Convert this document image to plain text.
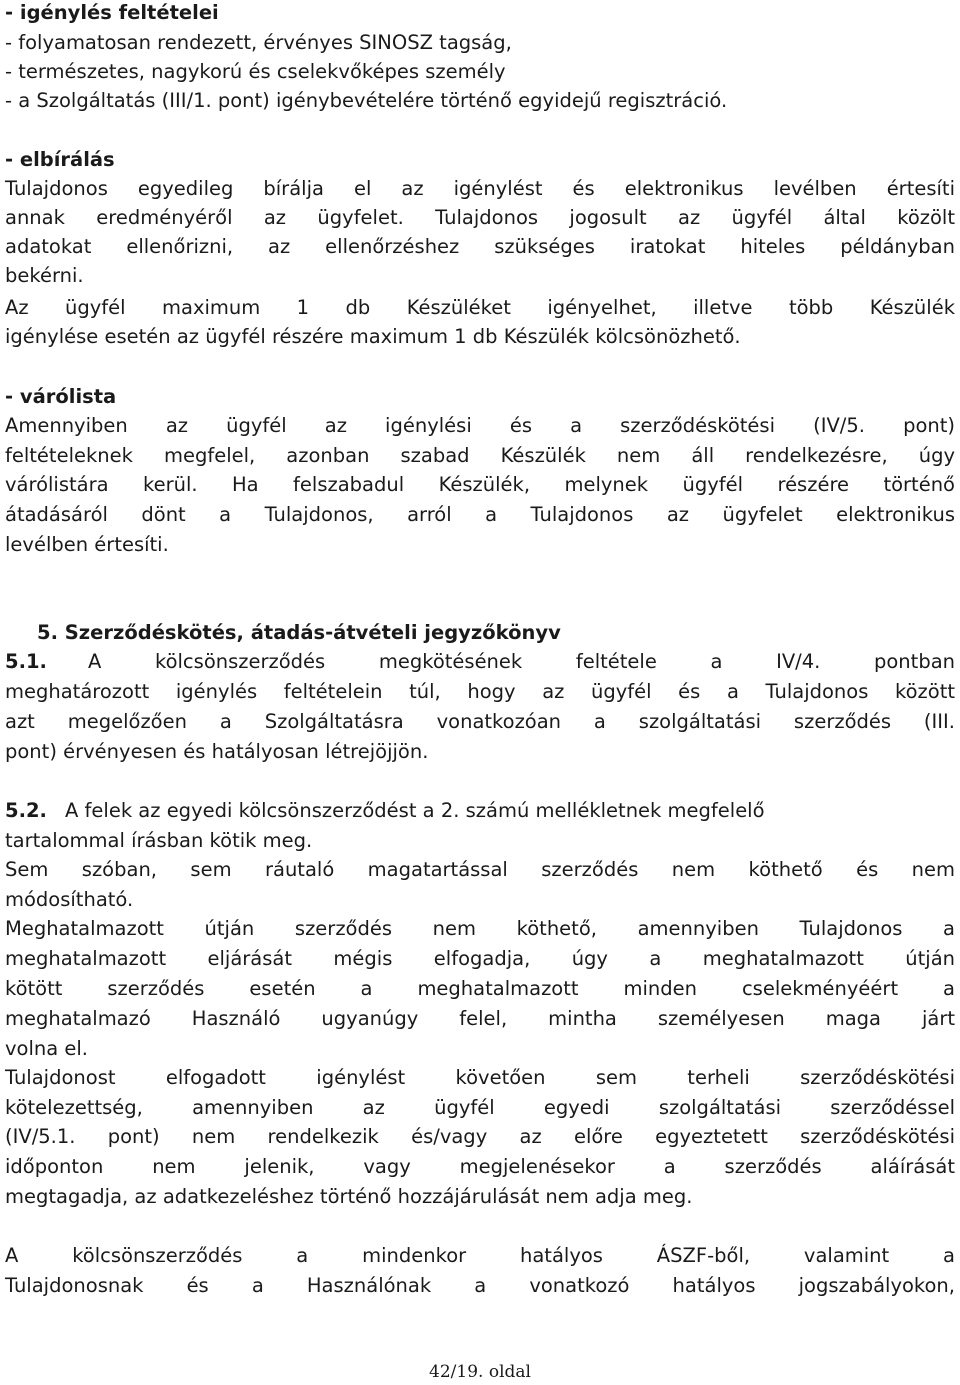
- igénylés feltételei
- folyamatosan rendezett, érvényes SINOSZ tagság,
- természetes, nagykorú és cselekvőképes személy
- a Szolgáltatás (III/1. pont) igénybevételére történő egyidejű regisztráció.
- elbírálás
Tulajdonos egyedileg bírálja el az igénylést és elektronikus levélben értesíti
annak eredményéről az ügyfelet. Tulajdonos jogosult az ügyfél által közölt
adatokat ellenőrizni, az ellenőrzéshez szükséges iratokat hiteles példányban
bekérni.
Az ügyfél maximum 1 db Készüléket igényelhet, illetve több Készülék
igénylése esetén az ügyfél részére maximum 1 db Készülék kölcsönözhető.
- várólista
Amennyiben az ügyfél az igénylési és a szerződéskötési (IV/5. pont)
feltételeknek megfelel, azonban szabad Készülék nem áll rendelkezésre, úgy
várólistára kerül. Ha felszabadul Készülék, melynek ügyfél részére történő
átadásáról dönt a Tulajdonos, arról a Tulajdonos az ügyfelet elektronikus
levélben értesíti.
5. Szerződéskötés, átadás-átvételi jegyzőkönyv
5.1.	A kölcsönszerződés megkötésének feltétele a IV/4. pontban
meghatározott igénylés feltételein túl, hogy az ügyfél és a Tulajdonos között
azt megelőzően a Szolgáltatásra vonatkozóan a szolgáltatási szerződés (III.
pont) érvényesen és hatályosan létrejöjjön.
5.2. A felek az egyedi kölcsönszerződést a 2. számú mellékletnek megfelelő
tartalommal írásban kötik meg.
Sem szóban, sem ráutaló magatartással szerződés nem köthető és nem
módosítható.
Meghatalmazott útján szerződés nem köthető, amennyiben Tulajdonos a
meghatalmazott eljárását mégis elfogadja, úgy a meghatalmazott útján
kötött szerződés esetén a meghatalmazott minden cselekményéért a
meghatalmazó Használó ugyanúgy felel, mintha személyesen maga járt
volna el.
Tulajdonost elfogadott igénylést követően sem terheli szerződéskötési
kötelezettség, amennyiben az ügyfél egyedi szolgáltatási szerződéssel
(IV/5.1. pont) nem rendelkezik és/vagy az előre egyeztetett szerződéskötési
időponton nem jelenik, vagy megjelenésekor a szerződés aláírását
megtagadja, az adatkezeléshez történő hozzájárulását nem adja meg.
A kölcsönszerződés a mindenkor hatályos ÁSZF-ből, valamint a
Tulajdonosnak és a Használónak a vonatkozó hatályos jogszabályokon,
42/19. oldal
